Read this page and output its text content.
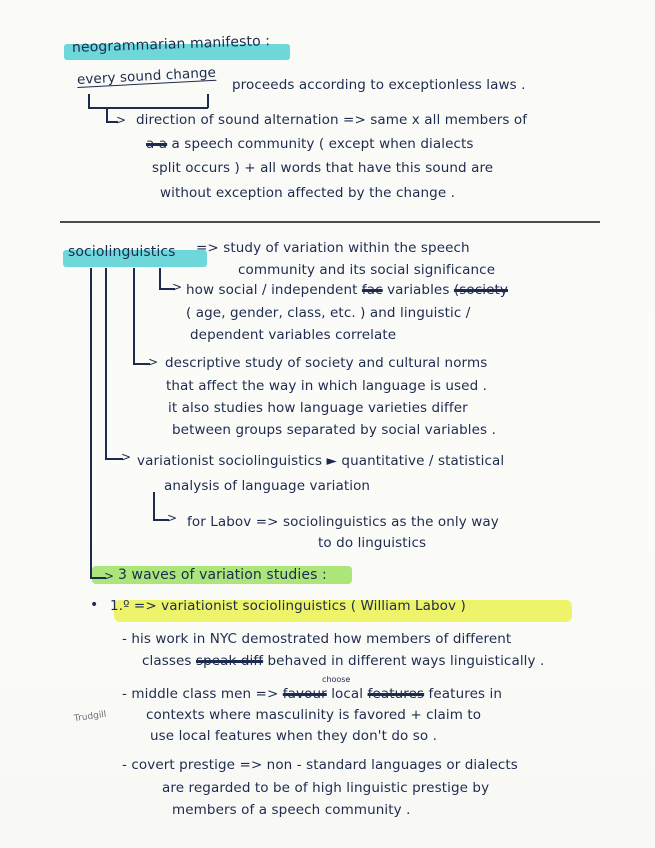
neogrammarian manifesto :
every sound change proceeds according to exceptionless laws .
> direction of sound alternation => same x all members of
a a a speech community ( except when dialects
split occurs ) + all words that have this sound are
without exception affected by the change .
sociolinguistics => study of variation within the speech
community and its social significance
> how social / independent fac variables (society
( age, gender, class, etc. ) and linguistic /
dependent variables correlate
> descriptive study of society and cultural norms
that affect the way in which language is used .
it also studies how language varieties differ
between groups separated by social variables .
> variationist sociolinguistics ► quantitative / statistical
analysis of language variation
> for Labov => sociolinguistics as the only way
to do linguistics
> 3 waves of variation studies :
• 1.º => variationist sociolinguistics ( William Labov )
- his work in NYC demostrated how members of different
classes speak diff behaved in different ways linguistically .
choose
- middle class men => favour local features features in
Trudgill	contexts where masculinity is favored + claim to
use local features when they don't do so .
- covert prestige => non - standard languages or dialects
are regarded to be of high linguistic prestige by
members of a speech community .
